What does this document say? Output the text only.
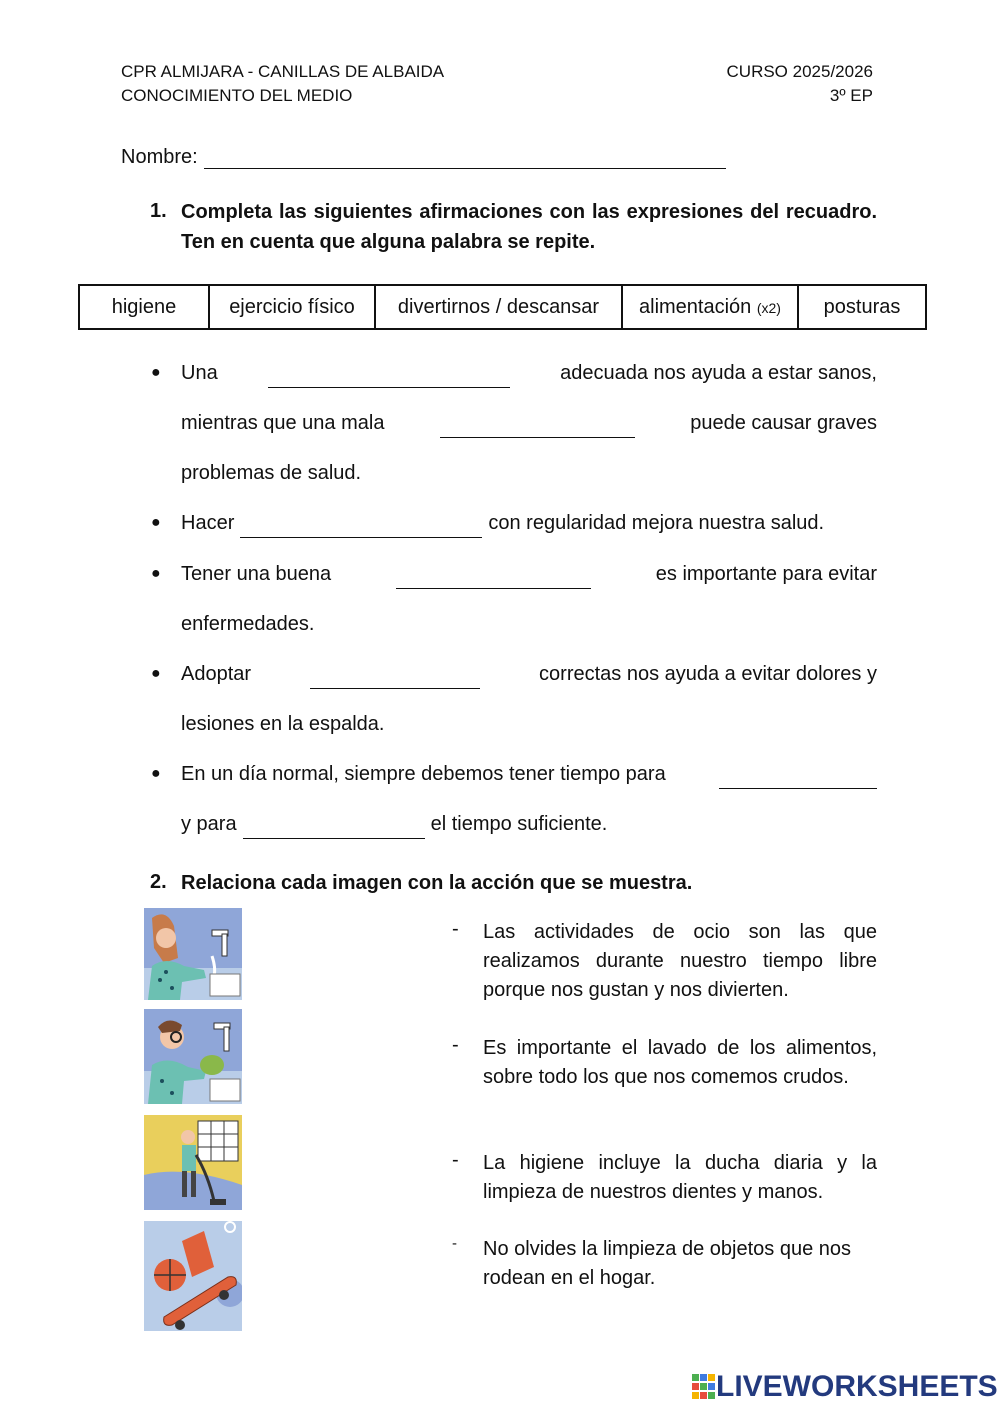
CPR ALMIJARA - CANILLAS DE ALBAIDA
CONOCIMIENTO DEL MEDIO
CURSO 2025/2026
3º EP
Nombre:
1. Completa las siguientes afirmaciones con las expresiones del recuadro. Ten en cuenta que alguna palabra se repite.
higiene	ejercicio físico	divertirnos / descansar	alimentación (x2)	posturas
● Una	adecuada nos ayuda a estar sanos,
mientras que una mala	puede causar graves
problemas de salud.
● Hacer	con regularidad mejora nuestra salud.
● Tener una buena	es importante para evitar
enfermedades.
● Adoptar	correctas nos ayuda a evitar dolores y
lesiones en la espalda.
● En un día normal, siempre debemos tener tiempo para
y para	el tiempo suficiente.
2. Relaciona cada imagen con la acción que se muestra.
- Las actividades de ocio son las que realizamos durante nuestro tiempo libre porque nos gustan y nos divierten.
- Es importante el lavado de los alimentos, sobre todo los que nos comemos crudos.
- La higiene incluye la ducha diaria y la limpieza de nuestros dientes y manos.
- No olvides la limpieza de objetos que nos rodean en el hogar.
LIVEWORKSHEETS
